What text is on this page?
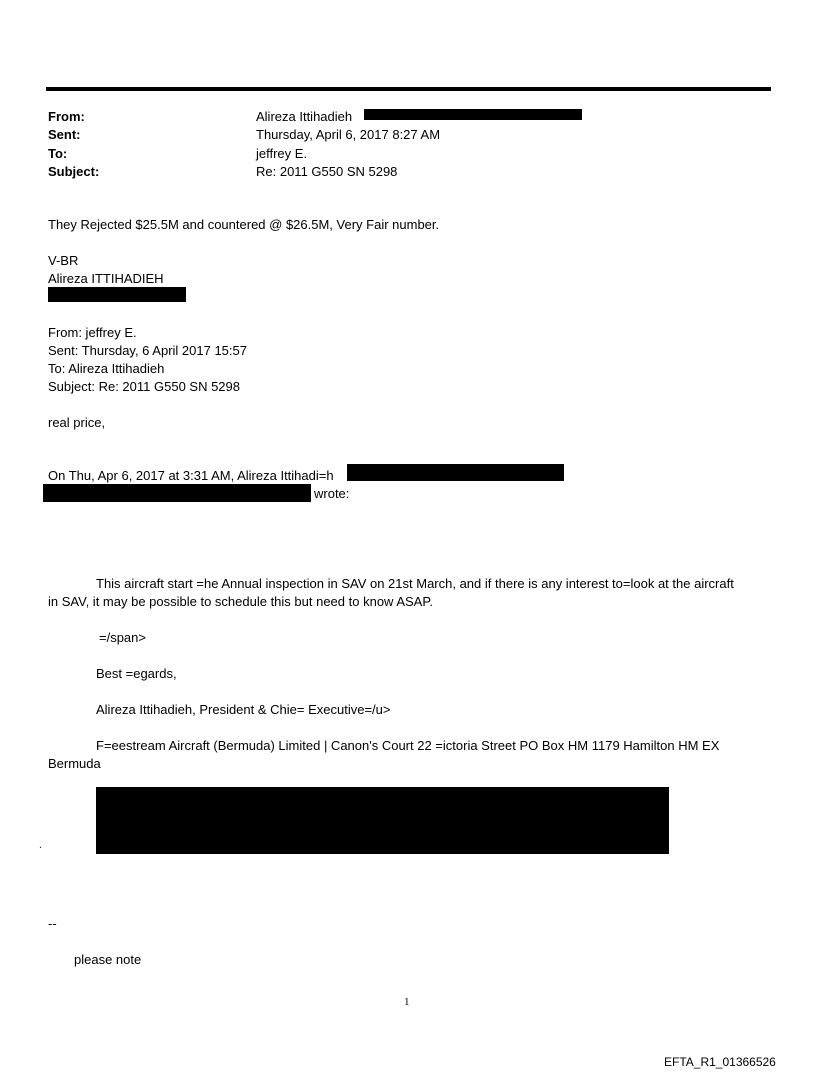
From:	Alireza Ittihadieh
Sent:	Thursday, April 6, 2017 8:27 AM
To:	jeffrey E.
Subject:	Re: 2011 G550 SN 5298
They Rejected $25.5M and countered @ $26.5M, Very Fair number.
V-BR
Alireza ITTIHADIEH
From: jeffrey E.
Sent: Thursday, 6 April 2017 15:57
To: Alireza Ittihadieh
Subject: Re: 2011 G550 SN 5298
real price,
On Thu, Apr 6, 2017 at 3:31 AM, Alireza Ittihadi=h
wrote:
This aircraft start =he Annual inspection in SAV on 21st March, and if there is any interest to=look at the aircraft
in SAV, it may be possible to schedule this but need to know ASAP.
=/span>
Best =egards,
Alireza Ittihadieh, President & Chie= Executive=/u>
F=eestream Aircraft (Bermuda) Limited | Canon's Court 22 =ictoria Street PO Box HM 1179 Hamilton HM EX
Bermuda
.
--
please note
1
EFTA_R1_01366526
